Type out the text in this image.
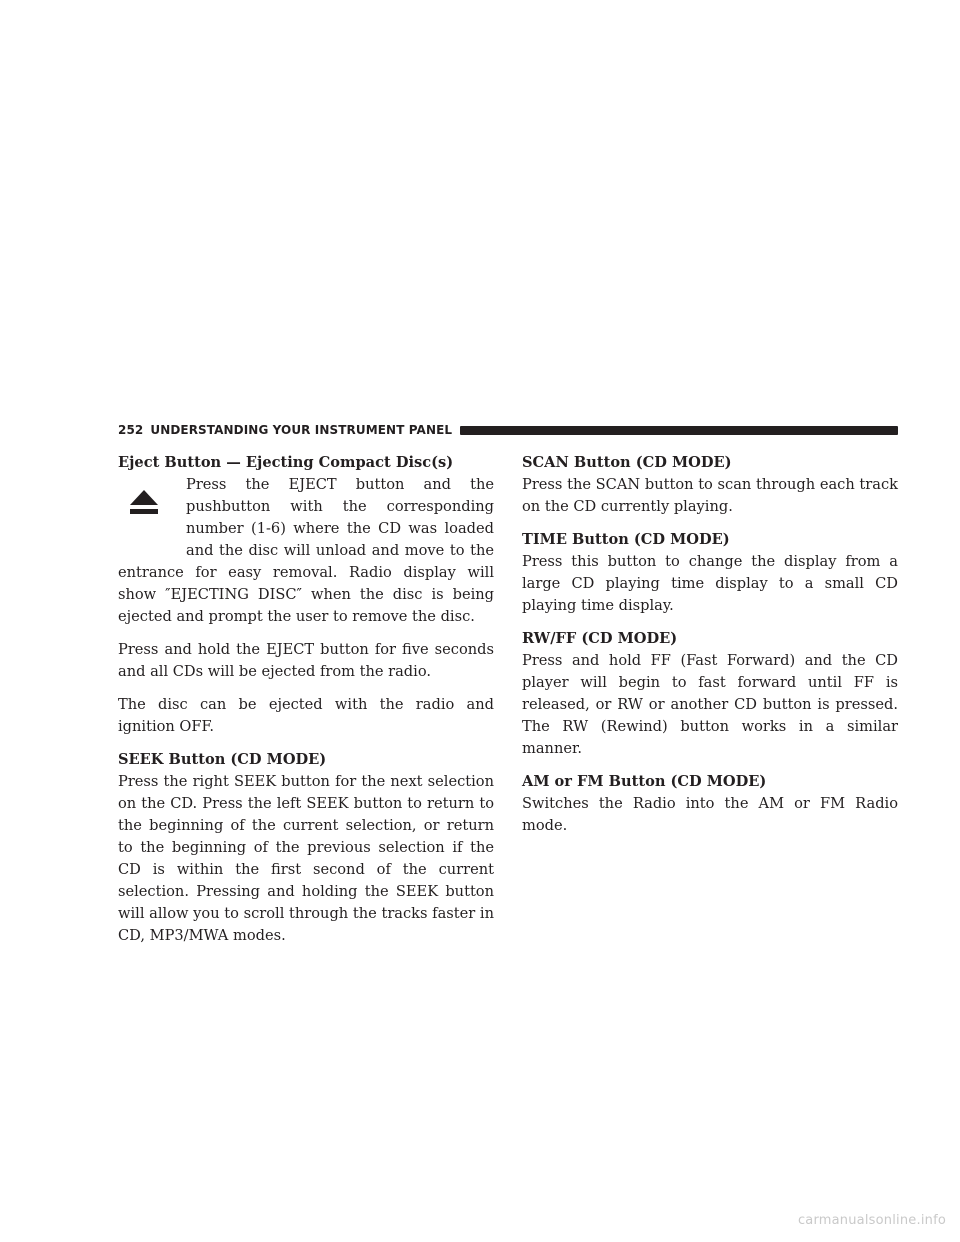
252 UNDERSTANDING YOUR INSTRUMENT PANEL
Eject Button — Ejecting Compact Disc(s)

Press the EJECT button and the pushbutton with the corresponding number (1-6) where the CD was loaded and the disc will unload and move to the entrance for easy removal. Radio display will show ″EJECTING DISC″ when the disc is being ejected and prompt the user to remove the disc.

Press and hold the EJECT button for five seconds and all CDs will be ejected from the radio.

The disc can be ejected with the radio and ignition OFF.

SEEK Button (CD MODE)

Press the right SEEK button for the next selection on the CD. Press the left SEEK button to return to the beginning of the current selection, or return to the beginning of the previous selection if the CD is within the first second of the current selection. Pressing and holding the SEEK button will allow you to scroll through the tracks faster in CD, MP3/MWA modes.

SCAN Button (CD MODE)

Press the SCAN button to scan through each track on the CD currently playing.

TIME Button (CD MODE)

Press this button to change the display from a large CD playing time display to a small CD playing time display.

RW/FF (CD MODE)

Press and hold FF (Fast Forward) and the CD player will begin to fast forward until FF is released, or RW or another CD button is pressed. The RW (Rewind) button works in a similar manner.

AM or FM Button (CD MODE)

Switches the Radio into the AM or FM Radio mode.

carmanualsonline.info
